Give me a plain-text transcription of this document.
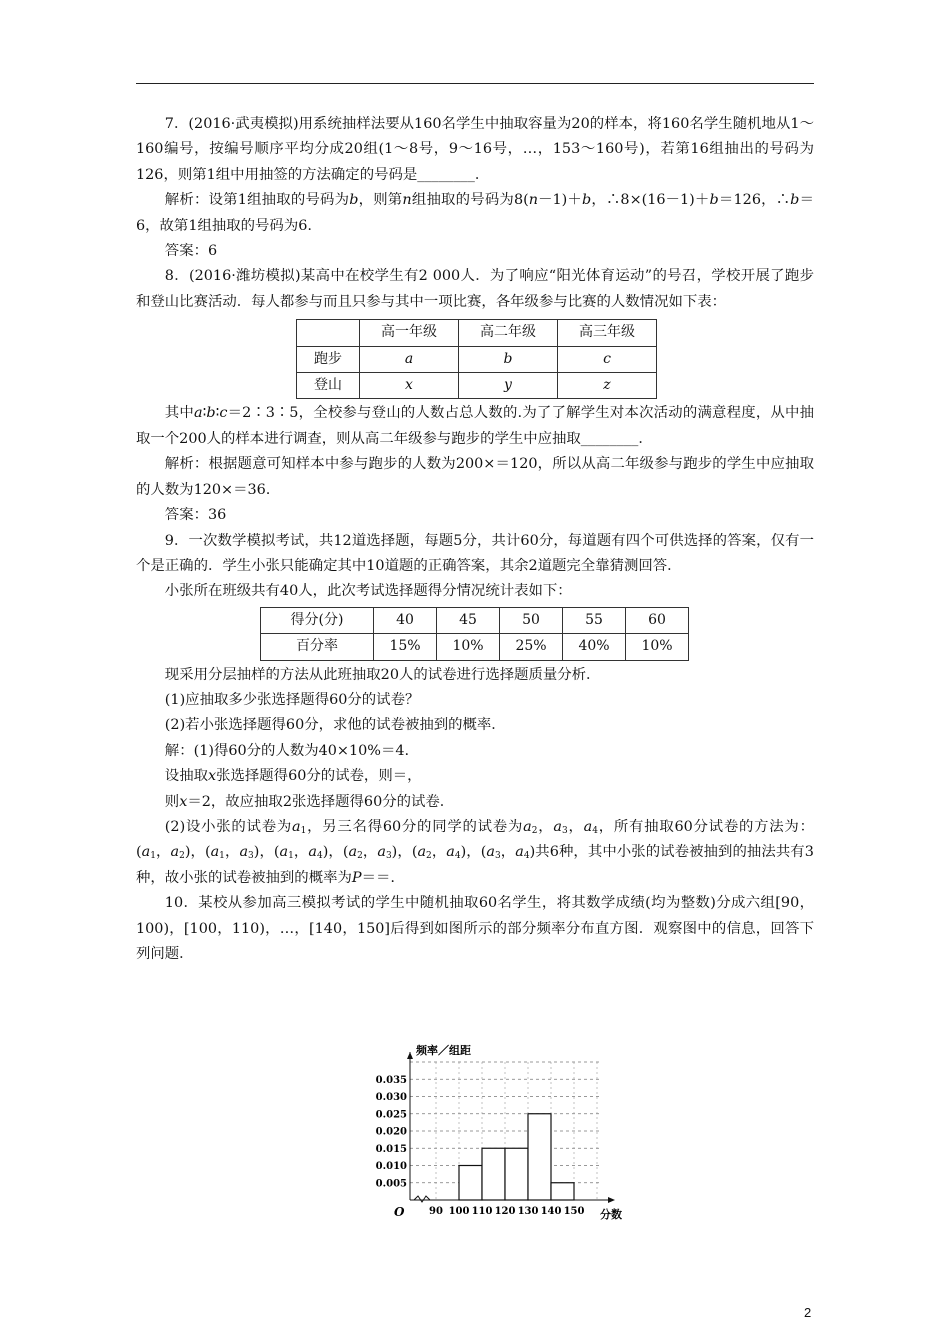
7．(2016·武夷模拟)用系统抽样法要从160名学生中抽取容量为20的样本，将160名学生随机地从1～160编号，按编号顺序平均分成20组(1～8号，9～16号，…，153～160号)，若第16组抽出的号码为126，则第1组中用抽签的方法确定的号码是________．

解析：设第1组抽取的号码为b，则第n组抽取的号码为8(n－1)＋b，∴8×(16－1)＋b＝126，∴b＝6，故第1组抽取的号码为6.

答案：6

8．(2016·潍坊模拟)某高中在校学生有2 000人．为了响应“阳光体育运动”的号召，学校开展了跑步和登山比赛活动．每人都参与而且只参与其中一项比赛，各年级参与比赛的人数情况如下表：

	高一年级	高二年级	高三年级
跑步	a	b	c
登山	x	y	z

其中a∶b∶c＝2∶3∶5，全校参与登山的人数占总人数的.为了了解学生对本次活动的满意程度，从中抽取一个200人的样本进行调查，则从高二年级参与跑步的学生中应抽取________．

解析：根据题意可知样本中参与跑步的人数为200×＝120，所以从高二年级参与跑步的学生中应抽取的人数为120×＝36.

答案：36

9．一次数学模拟考试，共12道选择题，每题5分，共计60分，每道题有四个可供选择的答案，仅有一个是正确的．学生小张只能确定其中10道题的正确答案，其余2道题完全靠猜测回答．

小张所在班级共有40人，此次考试选择题得分情况统计表如下：

得分(分)	40	45	50	55	60
百分率	15%	10%	25%	40%	10%

现采用分层抽样的方法从此班抽取20人的试卷进行选择题质量分析．

(1)应抽取多少张选择题得60分的试卷？

(2)若小张选择题得60分，求他的试卷被抽到的概率．

解：(1)得60分的人数为40×10%＝4.

设抽取x张选择题得60分的试卷，则＝，

则x＝2，故应抽取2张选择题得60分的试卷．

(2)设小张的试卷为$a_1$，另三名得60分的同学的试卷为$a_2$，$a_3$，$a_4$，所有抽取60分试卷的方法为：($a_1$，$a_2$)，($a_1$，$a_3$)，($a_1$，$a_4$)，($a_2$，$a_3$)，($a_2$，$a_4$)，($a_3$，$a_4$)共6种，其中小张的试卷被抽到的抽法共有3种，故小张的试卷被抽到的概率为P＝＝.

10．某校从参加高三模拟考试的学生中随机抽取60名学生，将其数学成绩(均为整数)分成六组[90，100)，[100，110)，…，[140，150]后得到如图所示的部分频率分布直方图．观察图中的信息，回答下列问题．

0.005
0.010
0.015
0.020
0.025
0.030
0.035
频率／组距
分数
O 90 100 110 120 130 140 150
2
